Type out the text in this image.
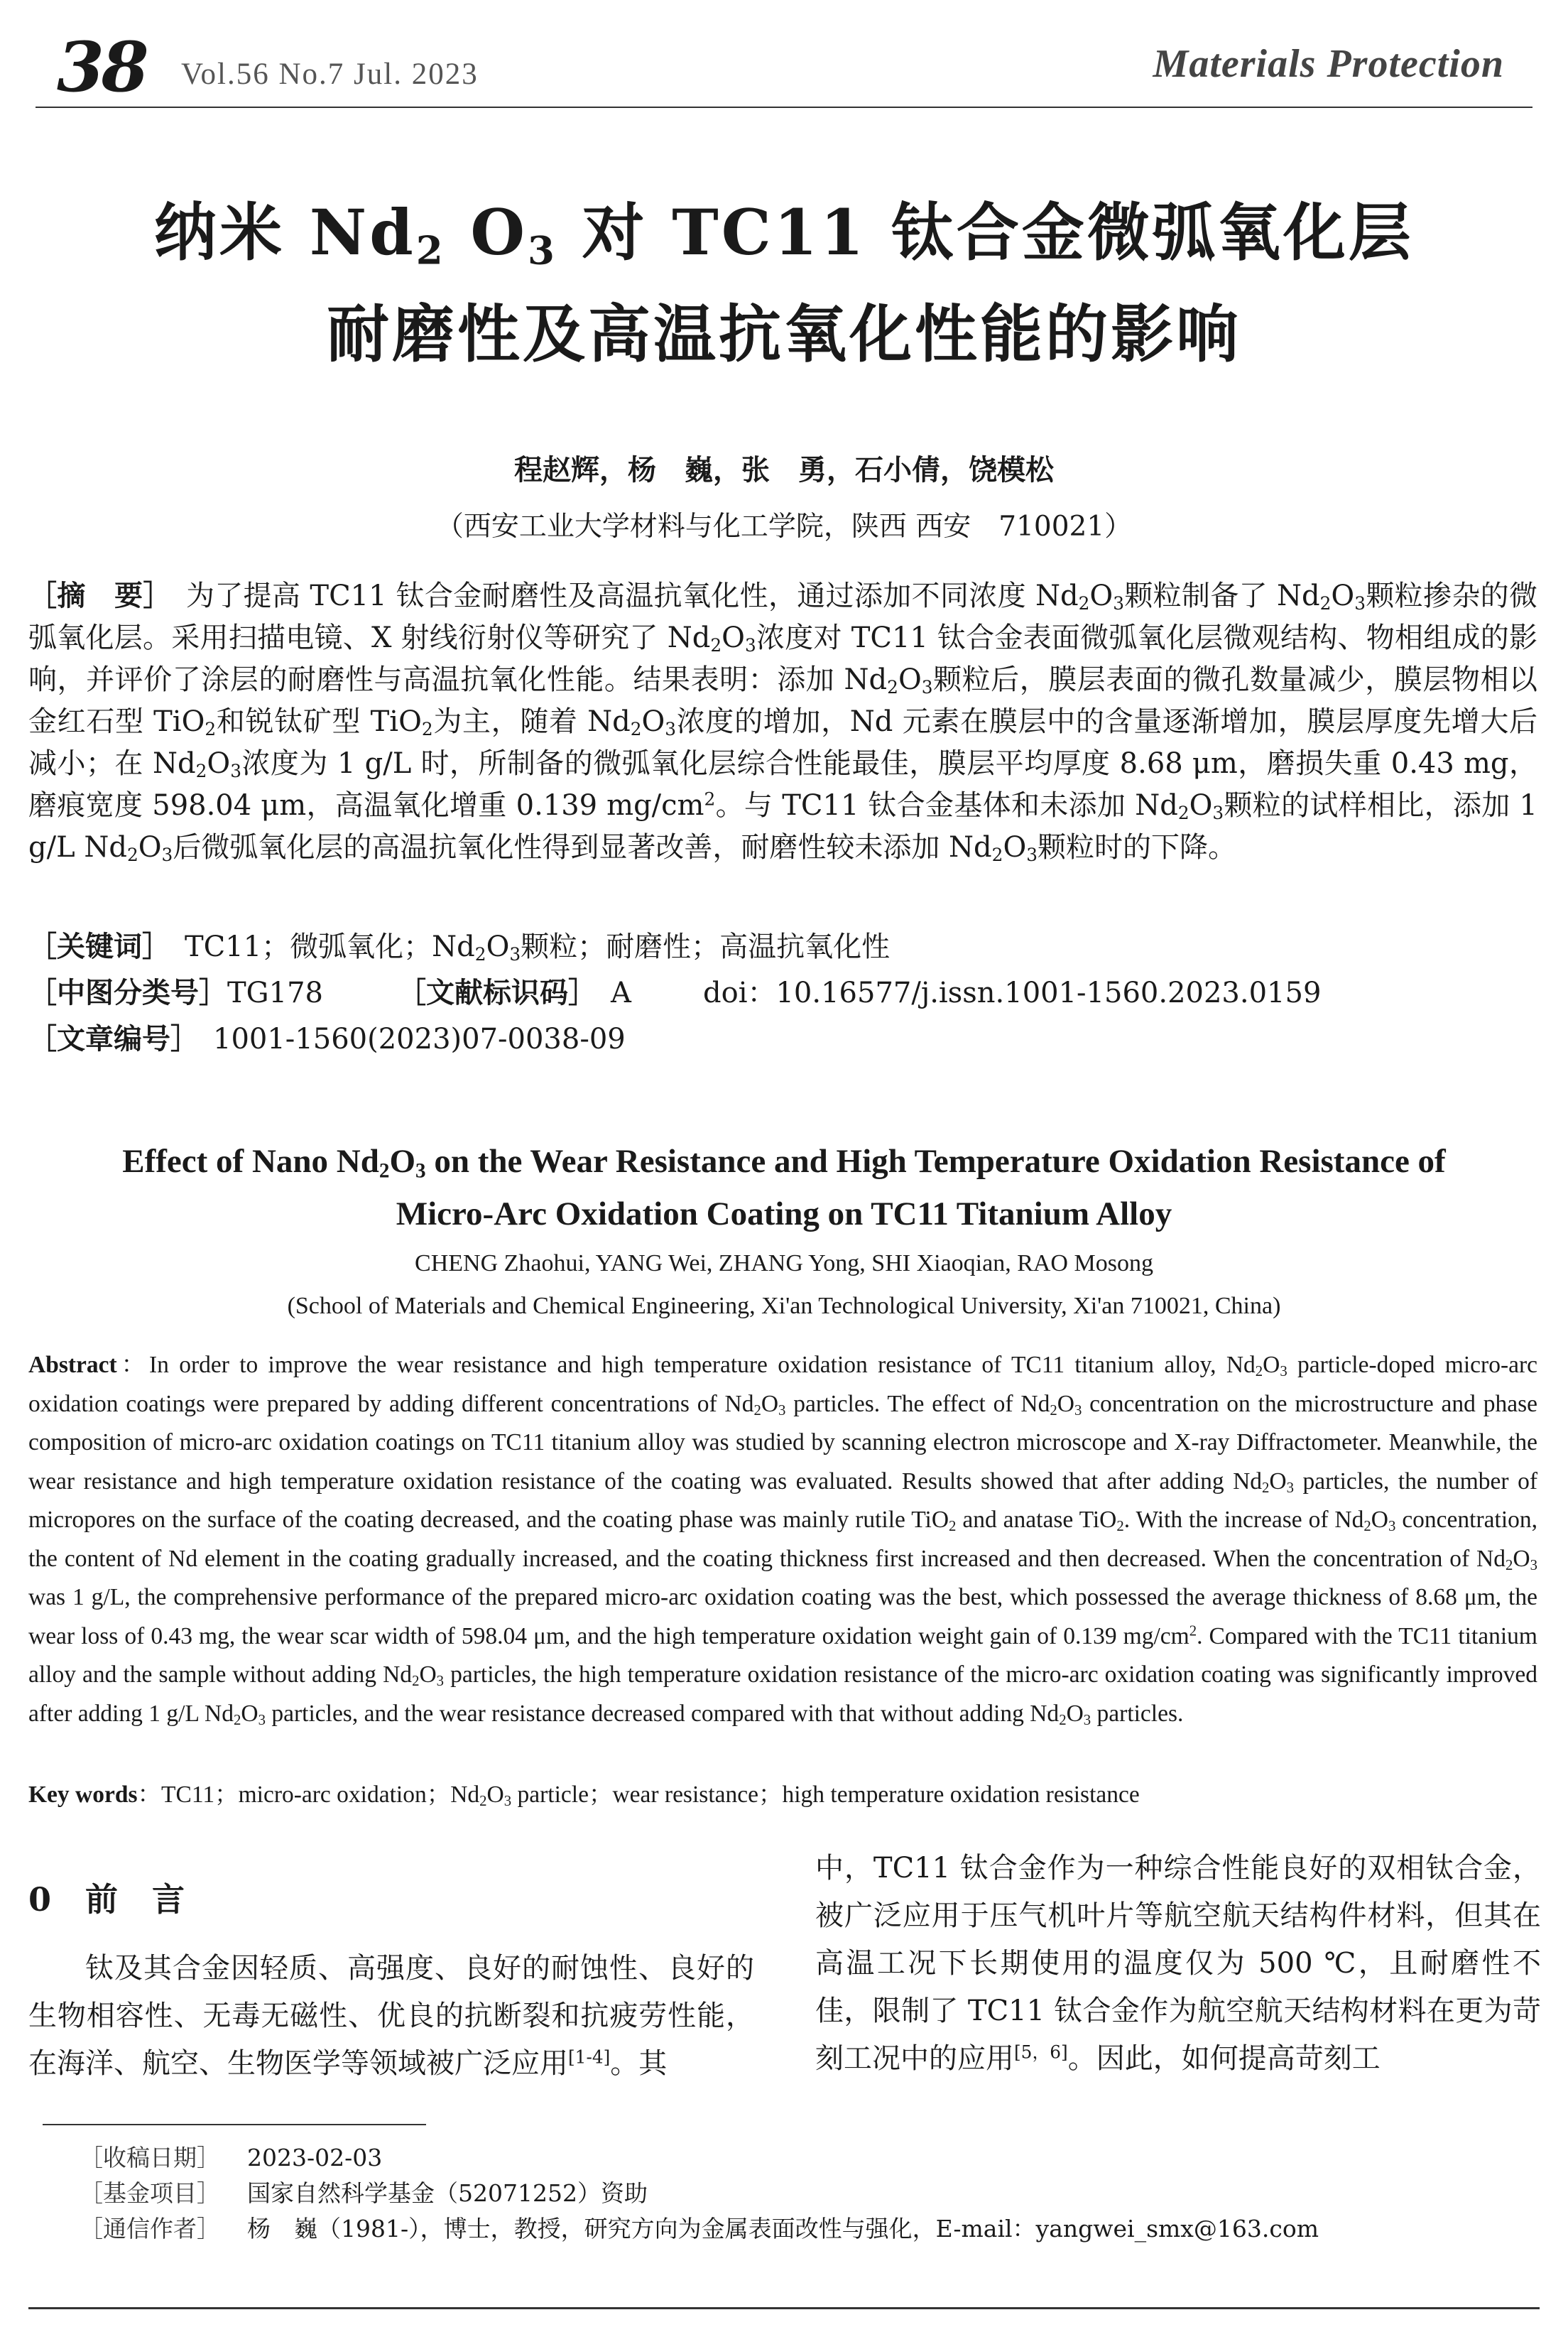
38 Vol.56 No.7 Jul. 2023	Materials Protection
纳米 $Nd_2$ $O_3$ 对 TC11 钛合金微弧氧化层
耐磨性及高温抗氧化性能的影响
程赵辉，杨　巍，张　勇，石小倩，饶模松
（西安工业大学材料与化工学院，陕西 西安　710021）
［摘　要］　 为了提高 TC11 钛合金耐磨性及高温抗氧化性，通过添加不同浓度 $Nd_2O_3$颗粒制备了 $Nd_2O_3$颗粒掺杂的微弧氧化层。采用扫描电镜、X 射线衍射仪等研究了 $Nd_2O_3$浓度对 TC11 钛合金表面微弧氧化层微观结构、物相组成的影响，并评价了涂层的耐磨性与高温抗氧化性能。结果表明：添加 $Nd_2O_3$颗粒后，膜层表面的微孔数量减少，膜层物相以金红石型 TiO$_2$和锐钛矿型 TiO$_2$为主，随着 $Nd_2O_3$浓度的增加，Nd 元素在膜层中的含量逐渐增加，膜层厚度先增大后减小；在 $Nd_2O_3$浓度为 1 g/L 时，所制备的微弧氧化层综合性能最佳，膜层平均厚度 8.68 μm，磨损失重 0.43 mg，磨痕宽度 598.04 μm，高温氧化增重 0.139 $mg/cm^2$。与 TC11 钛合金基体和未添加 $Nd_2O_3$颗粒的试样相比，添加 1 g/L $Nd_2O_3$后微弧氧化层的高温抗氧化性得到显著改善，耐磨性较未添加 $Nd_2O_3$颗粒时的下降。
［关键词］　 TC11；微弧氧化；$Nd_2O_3$颗粒；耐磨性；高温抗氧化性
［中图分类号］TG178	［文献标识码］　 A	doi：10.16577/j.issn.1001-1560.2023.0159
［文章编号］　 1001-1560(2023)07-0038-09
Effect of Nano $Nd_2O_3$ on the Wear Resistance and High Temperature Oxidation Resistance of
Micro-Arc Oxidation Coating on TC11 Titanium Alloy
CHENG Zhaohui, YANG Wei, ZHANG Yong, SHI Xiaoqian, RAO Mosong
(School of Materials and Chemical Engineering, Xi'an Technological University, Xi'an 710021, China)
Abstract：In order to improve the wear resistance and high temperature oxidation resistance of TC11 titanium alloy, $Nd_2O_3$ particle-doped micro-arc oxidation coatings were prepared by adding different concentrations of $Nd_2O_3$ particles. The effect of $Nd_2O_3$ concentration on the microstructure and phase composition of micro-arc oxidation coatings on TC11 titanium alloy was studied by scanning electron microscope and X-ray Diffractometer. Meanwhile, the wear resistance and high temperature oxidation resistance of the coating was evaluated. Results showed that after adding $Nd_2O_3$ particles, the number of micropores on the surface of the coating decreased, and the coating phase was mainly rutile TiO$_2$ and anatase TiO$_2$. With the increase of $Nd_2O_3$ concentration, the content of Nd element in the coating gradually increased, and the coating thickness first increased and then decreased. When the concentration of $Nd_2O_3$ was 1 g/L, the comprehensive performance of the prepared micro-arc oxidation coating was the best, which possessed the average thickness of 8.68 μm, the wear loss of 0.43 mg, the wear scar width of 598.04 μm, and the high temperature oxidation weight gain of 0.139 $mg/cm^2$. Compared with the TC11 titanium alloy and the sample without adding $Nd_2O_3$ particles, the high temperature oxidation resistance of the micro-arc oxidation coating was significantly improved after adding 1 g/L $Nd_2O_3$ particles, and the wear resistance decreased compared with that without adding $Nd_2O_3$ particles.
Key words：TC11；micro-arc oxidation；$Nd_2O_3$ particle；wear resistance；high temperature oxidation resistance
0 前 言
钛及其合金因轻质、高强度、良好的耐蚀性、良好的生物相容性、无毒无磁性、优良的抗断裂和抗疲劳性能，在海洋、航空、生物医学等领域被广泛应用[1-4]。其
中，TC11 钛合金作为一种综合性能良好的双相钛合金，被广泛应用于压气机叶片等航空航天结构件材料，但其在高温工况下长期使用的温度仅为 500 ℃，且耐磨性不佳，限制了 TC11 钛合金作为航空航天结构材料在更为苛刻工况中的应用[5，6]。因此，如何提高苛刻工
［收稿日期］ 2023-02-03
［基金项目］ 国家自然科学基金（52071252）资助
［通信作者］ 杨　巍（1981-），博士，教授，研究方向为金属表面改性与强化，E-mail：yangwei_smx@163.com
